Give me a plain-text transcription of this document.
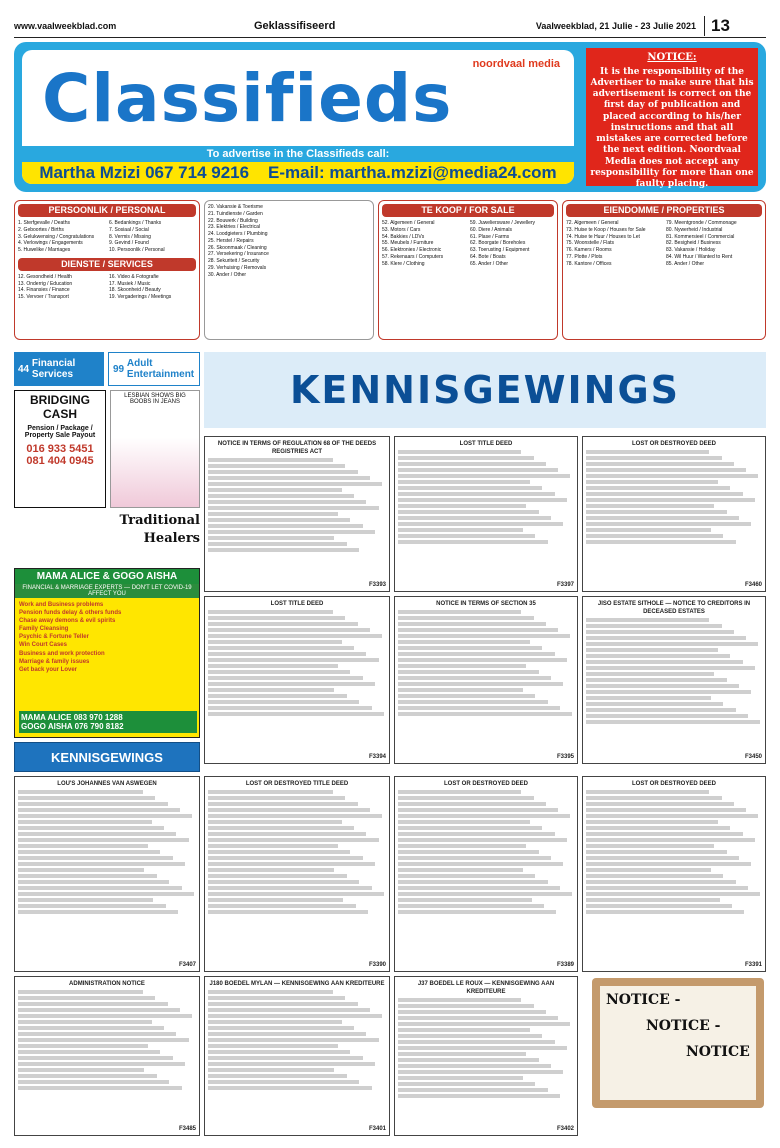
www.vaalweekblad.com	Geklassifiseerd	Vaalweekblad, 21 Julie - 23 Julie 2021 13
Classifieds noordvaal media
To advertise in the Classifieds call:
Martha Mzizi 067 714 9216 E-mail: martha.mzizi@media24.com
NOTICE:
It is the responsibility of the Advertiser to make sure that his advertisement is correct on the first day of publication and placed according to his/her instructions and that all mistakes are corrected before the next edition. Noordvaal Media does not accept any responsibility for more than one faulty placing.
PERSOONLIK / PERSONAL
1. Sterfgevalle / Deaths
2. Geboortes / Births
3. Gelukwensing / Congratulations
4. Verlowings / Engagements
5. Huwelike / Marriages
6. Bedankings / Thanks
7. Sosiaal / Social
8. Vermis / Missing
9. Gevind / Found
10. Persoonlik / Personal
DIENSTE / SERVICES
12. Gesondheid / Health
13. Onderrig / Education
14. Finansies / Finance
15. Vervoer / Transport
16. Video & Fotografie
17. Musiek / Music
18. Skoonheid / Beauty
19. Vergaderings / Meetings
20. Vakansie & Toerisme
21. Tuindienste / Garden
22. Bouwerk / Building
23. Elektries / Electrical
24. Loodgieters / Plumbing
25. Herstel / Repairs
26. Skoonmaak / Cleaning
27. Versekering / Insurance
28. Sekuriteit / Security
29. Verhuising / Removals
30. Ander / Other
TE KOOP / FOR SALE
52. Algemeen / General
53. Motors / Cars
54. Bakkies / LDVs
55. Meubels / Furniture
56. Elektronies / Electronic
57. Rekenaars / Computers
58. Klere / Clothing
59. Juweliersware / Jewellery
60. Diere / Animals
61. Plase / Farms
62. Boorgate / Boreholes
63. Toerusting / Equipment
64. Bote / Boats
65. Ander / Other
EIENDOMME / PROPERTIES
72. Algemeen / General
73. Huise te Koop / Houses for Sale
74. Huise te Huur / Houses to Let
75. Woonstelle / Flats
76. Kamers / Rooms
77. Plotte / Plots
78. Kantore / Offices
79. Meentgronde / Commonage
80. Nywerheid / Industrial
81. Kommersieel / Commercial
82. Besigheid / Business
83. Vakansie / Holiday
84. Wil Huur / Wanted to Rent
85. Ander / Other
44
Financial Services	99
Adult Entertainment
BRIDGING CASH
Pension / Package / Property Sale Payout
016 933 5451
081 404 0945
LESBIAN SHOWS BIG BOOBS IN JEANS
Traditional
Healers
MAMA ALICE & GOGO AISHA
FINANCIAL & MARRIAGE EXPERTS — DON'T LET COVID-19 AFFECT YOU
Work and Business problems
Pension funds delay & others funds
Chase away demons & evil spirits
Family Cleansing
Psychic & Fortune Teller
Win Court Cases
Business and work protection
Marriage & family issues
Get back your Lover
MAMA ALICE 083 970 1288
GOGO AISHA 076 790 8182
KENNISGEWINGS
KENNISGEWINGS
NOTICE IN TERMS OF REGULATION 68 OF THE DEEDS REGISTRIES ACT
F3393
LOST TITLE DEED
F3397
LOST OR DESTROYED DEED
F3460
LOST TITLE DEED
F3394
NOTICE IN TERMS OF SECTION 35
F3395
JISO ESTATE SITHOLE — NOTICE TO CREDITORS IN DECEASED ESTATES
F3450
LOU'S JOHANNES VAN ASWEGEN
F3407
LOST OR DESTROYED TITLE DEED
F3390
LOST OR DESTROYED DEED
F3389
LOST OR DESTROYED DEED
F3391
ADMINISTRATION NOTICE
F3485
J180 BOEDEL MYLAN — KENNISGEWING AAN KREDITEURE
F3401
J37 BOEDEL LE ROUX — KENNISGEWING AAN KREDITEURE
F3402
NOTICE -
NOTICE -
NOTICE
